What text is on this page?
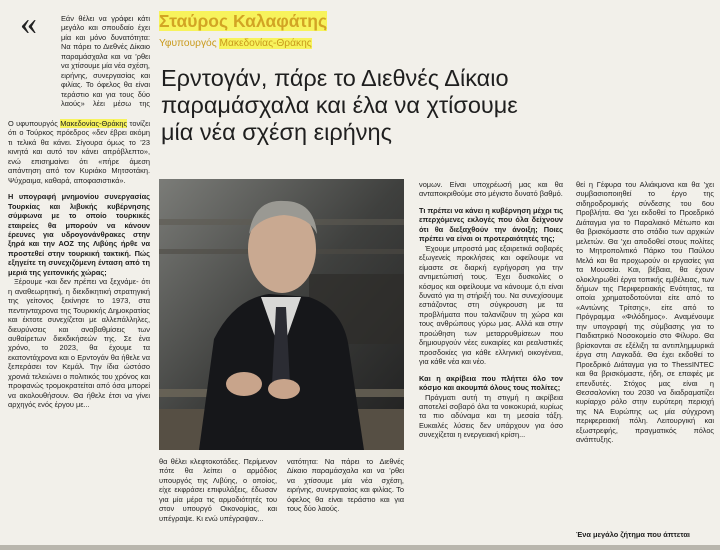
«	Σταύρος Καλαφάτης
Υφυπουργός Μακεδονίας-Θράκης
Ερντογάν, πάρε το Διεθνές Δίκαιο
παραμάσχαλα και έλα να χτίσουμε
μία νέα σχέση ειρήνης

Εάν θέλει να γράφει κάτι μεγάλο και σπουδαίο έχει μία και μόνο δυνατότητα: Να πάρει το Διεθνές Δίκαιο παραμάσχαλα και να ’ρθει να χτίσουμε μία νέα σχέση, ειρήνης, συνεργασίας και φιλίας. Το όφελος θα είναι τεράστιο και για τους δύο λαούς» λέει μέσω της

Ο υφυπουργός Μακεδονίας-Θράκης τονίζει ότι ο Τούρκος πρόεδρος «δεν έβρει ακόμη τι τελικά θα κάνει. Σίγουρα όμως το ’23 κινητά και αυτό τον κάνει απρόβλεπτο», ενώ επισημαίνει ότι «πήρε άμεση απάντηση από τον Κυριάκο Μητσοτάκη. Ψύχραιμα, καθαρά, αποφασιστικά».

Η υπογραφή μνημονίου συνεργασίας Τουρκίας και λιβυκής κυβέρνησης σύμφωνα με το οποίο τουρκικές εταιρείες θα μπορούν να κάνουν έρευνες για υδρογονάνθρακες στην ξηρά και την ΑΟΖ της Λιβύης ήρθε να προστεθεί στην τουρκική τακτική. Πώς εξηγείτε τη συνεχιζόμενη ένταση από τη μεριά της γειτονικής χώρας;

Ξέρουμε -και δεν πρέπει να ξεχνάμε- ότι η αναθεωρητική, η διεκδικητική στρατηγική της γείτονος ξεκίνησε το 1973, στα πεντηνταχρονα της Τουρκικής Δημοκρατίας και έκτοτε συνεχίζεται με αλλεπάλληλες, διευρύνσεις και αναβαθμίσεις των αυθαίρετων διεκδικήσεών της. Σε ένα χρόνο, το 2023, θα έχουμε τα εκατοντάχρονα και ο Ερντογάν θα ήθελε να ξεπεράσει τον Κεμάλ. Την ίδια ώστόσο χρονιά τελειώνει ο πολιτικός του χρόνος και προφανώς τρομοκρατείται από όσα μπορεί να ακολουθήσουν. Θα ήθελε έτσι να γίνει αρχηγός ενός έργου με...

θα θέλει κλεφτοκοτάδες. Περίμενον πότε θα λείπει ο αρμόδιος υπουργός της Λιβύης, ο οποίος, είχε εκφράσει επιφυλάξεις, έδωσαν για μία μέρα τις αρμοδιότητές του στον υπουργό Οικονομίας, και υπέγραψε. Κι ενώ υπέγραψαν...

νατότητα: Να πάρει το Διεθνές Δίκαιο παραμάσχαλα και να ’ρθει να χτίσουμε μία νέα σχέση, ειρήνης, συνεργασίας και φιλίας. Το όφελος θα είναι τεράστιο και για τους δύο λαούς.

νομων. Είναι υποχρέωσή μας και θα ανταποκριθούμε στο μέγιστο δυνατό βαθμό.

Τι πρέπει να κάνει η κυβέρνηση μέχρι τις επερχόμενες εκλογές που όλα δείχνουν ότι θα διεξαχθούν την άνοιξη; Ποιες πρέπει να είναι οι προτεραιότητές της;

Έχουμε μπροστά μας εξαιρετικά σοβαρές εξωγενείς προκλήσεις και οφείλουμε να είμαστε σε διαρκή εγρήγορση για την αντιμετώπισή τους. Έχει δυσκολίες ο κόσμος και οφείλουμε να κάνουμε ό,τι είναι δυνατό για τη στήριξή του. Να συνεχίσουμε εστιάζοντας στη σύγκρουση με τα προβλήματα που ταλανίζουν τη χώρα και τους ανθρώπους γύρω μας. Αλλά και στην προώθηση των μεταρρυθμίσεων που δημιουργούν νέες ευκαιρίες και ρεαλιστικές προσδοκίες για κάθε ελληνική οικογένεια, για κάθε νέα και νέο.

Και η ακρίβεια που πλήττει όλο τον κόσμο και ακουμπά όλους τους πολίτες;

Πράγματι αυτή τη στιγμή η ακρίβεια αποτελεί σοβαρό όλα τα νοικοκυριά, κυρίως τα πιο αδύναμα και τη μεσαία τάξη. Ευκαιλές λύσεις δεν υπάρχουν για όσο συνεχίζεται η ενεργειακή κρίση...

θεί η Γέφυρα του Αλιάκμονα και θα ’χει συμβασιοποιηθεί το έργο της σιδηροδρομικής σύνδεσης του 6ου Προβλήτα. Θα ’χει εκδοθεί το Προεδρικό Διάταγμα για το Παραλιακό Μέτωπο και θα βρισκόμαστε στο στάδιο των αρχικών μελετών. Θα ’χει αποδοθεί στους πολίτες το Μητροπολιτικό Πάρκο του Παύλου Μελά και θα προχωρούν οι εργασίες για τα Μουσεία. Και, βέβαια, θα έχουν ολοκληρωθεί έργα τοπικής εμβέλειας, των δήμων της Περιφερειακής Ενότητας, τα οποία χρηματοδοτούνται είτε από το «Αντώνης Τρίτσης», είτε από το Πρόγραμμα «Φιλόδημος». Αναμένουμε την υπογραφή της σύμβασης για το Παιδιατρικό Νοσοκομείο στο Φίλυρο. Θα βρίσκονται σε εξέλιξη τα αντιπλημμυρικά έργα στη Λαγκαδά. Θα έχει εκδοθεί το Προεδρικό Διάταγμα για το ThessINTEC και θα βρισκόμαστε, ήδη, σε επαφές με επενδυτές. Στόχος μας είναι η Θεσσαλονίκη του 2030 να διαδραματίζει κυρίαρχο ρόλο στην ευρύτερη περιοχή της ΝΑ Ευρώπης ως μία σύγχρονη περιφερειακή πόλη. Λειτουργική και εξωστρεφής, πραγματικός πόλος ανάπτυξης.

Ένα μεγάλο ζήτημα που άπτεται
